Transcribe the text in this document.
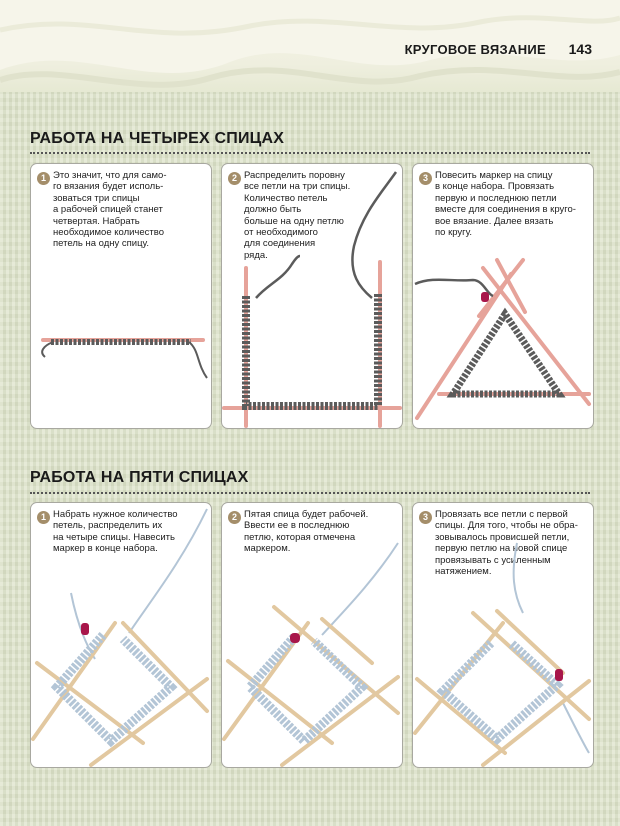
КРУГОВОЕ ВЯЗАНИЕ 143
РАБОТА НА ЧЕТЫРЕХ СПИЦАХ
1 Это значит, что для само-
го вязания будет исполь-
зоваться три спицы
а рабочей спицей станет
четвертая. Набрать
необходимое количество
петель на одну спицу.
2 Распределить поровну
все петли на три спицы.
Количество петель
должно быть
больше на одну петлю
от необходимого
для соединения
ряда.
3 Повесить маркер на спицу
в конце набора. Провязать
первую и последнюю петли
вместе для соединения в круго-
вое вязание. Далее вязать
по кругу.
РАБОТА НА ПЯТИ СПИЦАХ
1 Набрать нужное количество
петель, распределить их
на четыре спицы. Навесить
маркер в конце набора.
2 Пятая спица будет рабочей.
Ввести ее в последнюю
петлю, которая отмечена
маркером.
3 Провязать все петли с первой
спицы. Для того, чтобы не обра-
зовывалось провисшей петли,
первую петлю на новой спице
провязывать с усиленным
натяжением.
